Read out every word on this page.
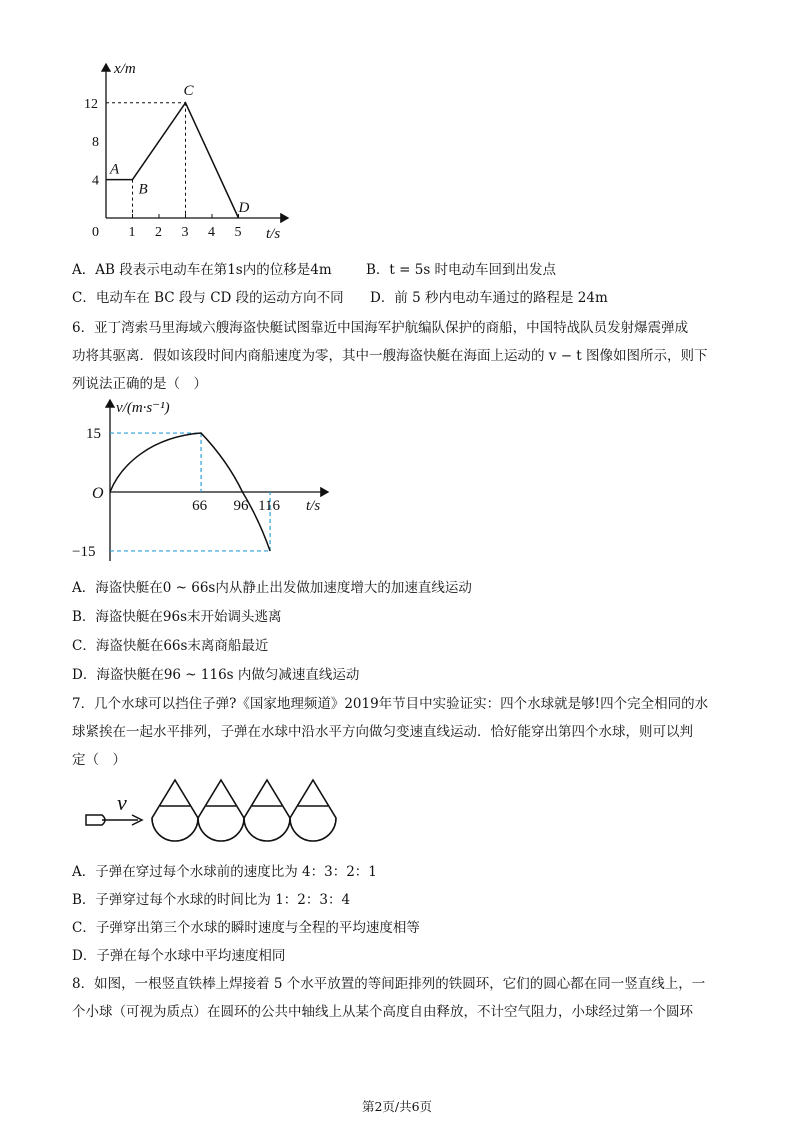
0 1 2 3 4 5
4
8
12
A
B
C
D
x/m
t/s
A．AB 段表示电动车在第1s内的位移是4m	B．t = 5s 时电动车回到出发点
C．电动车在 BC 段与 CD 段的运动方向不同 D．前 5 秒内电动车通过的路程是 24m
6．亚丁湾索马里海域六艘海盗快艇试图靠近中国海军护航编队保护的商船，中国特战队员发射爆震弹成
功将其驱离．假如该段时间内商船速度为零，其中一艘海盗快艇在海面上运动的 v − t 图像如图所示，则下
列说法正确的是（　）
66 96 116
15
−15
v/(m·s⁻¹)
O
t/s
A．海盗快艇在0 ~ 66s内从静止出发做加速度增大的加速直线运动
B．海盗快艇在96s末开始调头逃离
C．海盗快艇在66s末离商船最近
D．海盗快艇在96 ~ 116s 内做匀减速直线运动
7．几个水球可以挡住子弹?《国家地理频道》2019年节目中实验证实：四个水球就是够!四个完全相同的水
球紧挨在一起水平排列，子弹在水球中沿水平方向做匀变速直线运动．恰好能穿出第四个水球，则可以判
定（　）
v
A．子弹在穿过每个水球前的速度比为 4：3：2：1
B．子弹穿过每个水球的时间比为 1：2：3：4
C．子弹穿出第三个水球的瞬时速度与全程的平均速度相等
D．子弹在每个水球中平均速度相同
8．如图，一根竖直铁棒上焊接着 5 个水平放置的等间距排列的铁圆环，它们的圆心都在同一竖直线上，一
个小球（可视为质点）在圆环的公共中轴线上从某个高度自由释放，不计空气阻力，小球经过第一个圆环
第2页/共6页
